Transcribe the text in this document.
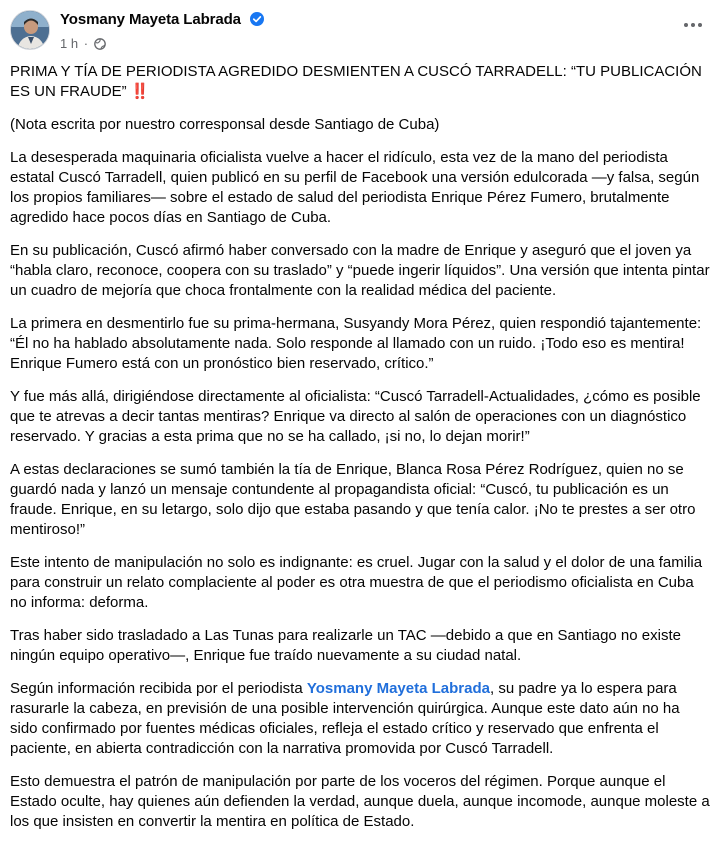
Yosmany Mayeta Labrada
1 h ·

PRIMA Y TÍA DE PERIODISTA AGREDIDO DESMIENTEN A CUSCÓ TARRADELL: “TU PUBLICACIÓN ES UN FRAUDE” ‼️

(Nota escrita por nuestro corresponsal desde Santiago de Cuba)

La desesperada maquinaria oficialista vuelve a hacer el ridículo, esta vez de la mano del periodista estatal Cuscó Tarradell, quien publicó en su perfil de Facebook una versión edulcorada —y falsa, según los propios familiares— sobre el estado de salud del periodista Enrique Pérez Fumero, brutalmente agredido hace pocos días en Santiago de Cuba.

En su publicación, Cuscó afirmó haber conversado con la madre de Enrique y aseguró que el joven ya “habla claro, reconoce, coopera con su traslado” y “puede ingerir líquidos”. Una versión que intenta pintar un cuadro de mejoría que choca frontalmente con la realidad médica del paciente.

La primera en desmentirlo fue su prima-hermana, Susyandy Mora Pérez, quien respondió tajantemente: “Él no ha hablado absolutamente nada. Solo responde al llamado con un ruido. ¡Todo eso es mentira! Enrique Fumero está con un pronóstico bien reservado, crítico.”

Y fue más allá, dirigiéndose directamente al oficialista: “Cuscó Tarradell-Actualidades, ¿cómo es posible que te atrevas a decir tantas mentiras? Enrique va directo al salón de operaciones con un diagnóstico reservado. Y gracias a esta prima que no se ha callado, ¡si no, lo dejan morir!”

A estas declaraciones se sumó también la tía de Enrique, Blanca Rosa Pérez Rodríguez, quien no se guardó nada y lanzó un mensaje contundente al propagandista oficial: “Cuscó, tu publicación es un fraude. Enrique, en su letargo, solo dijo que estaba pasando y que tenía calor. ¡No te prestes a ser otro mentiroso!”

Este intento de manipulación no solo es indignante: es cruel. Jugar con la salud y el dolor de una familia para construir un relato complaciente al poder es otra muestra de que el periodismo oficialista en Cuba no informa: deforma.

Tras haber sido trasladado a Las Tunas para realizarle un TAC —debido a que en Santiago no existe ningún equipo operativo—, Enrique fue traído nuevamente a su ciudad natal.

Según información recibida por el periodista Yosmany Mayeta Labrada, su padre ya lo espera para rasurarle la cabeza, en previsión de una posible intervención quirúrgica. Aunque este dato aún no ha sido confirmado por fuentes médicas oficiales, refleja el estado crítico y reservado que enfrenta el paciente, en abierta contradicción con la narrativa promovida por Cuscó Tarradell.

Esto demuestra el patrón de manipulación por parte de los voceros del régimen. Porque aunque el Estado oculte, hay quienes aún defienden la verdad, aunque duela, aunque incomode, aunque moleste a los que insisten en convertir la mentira en política de Estado.
